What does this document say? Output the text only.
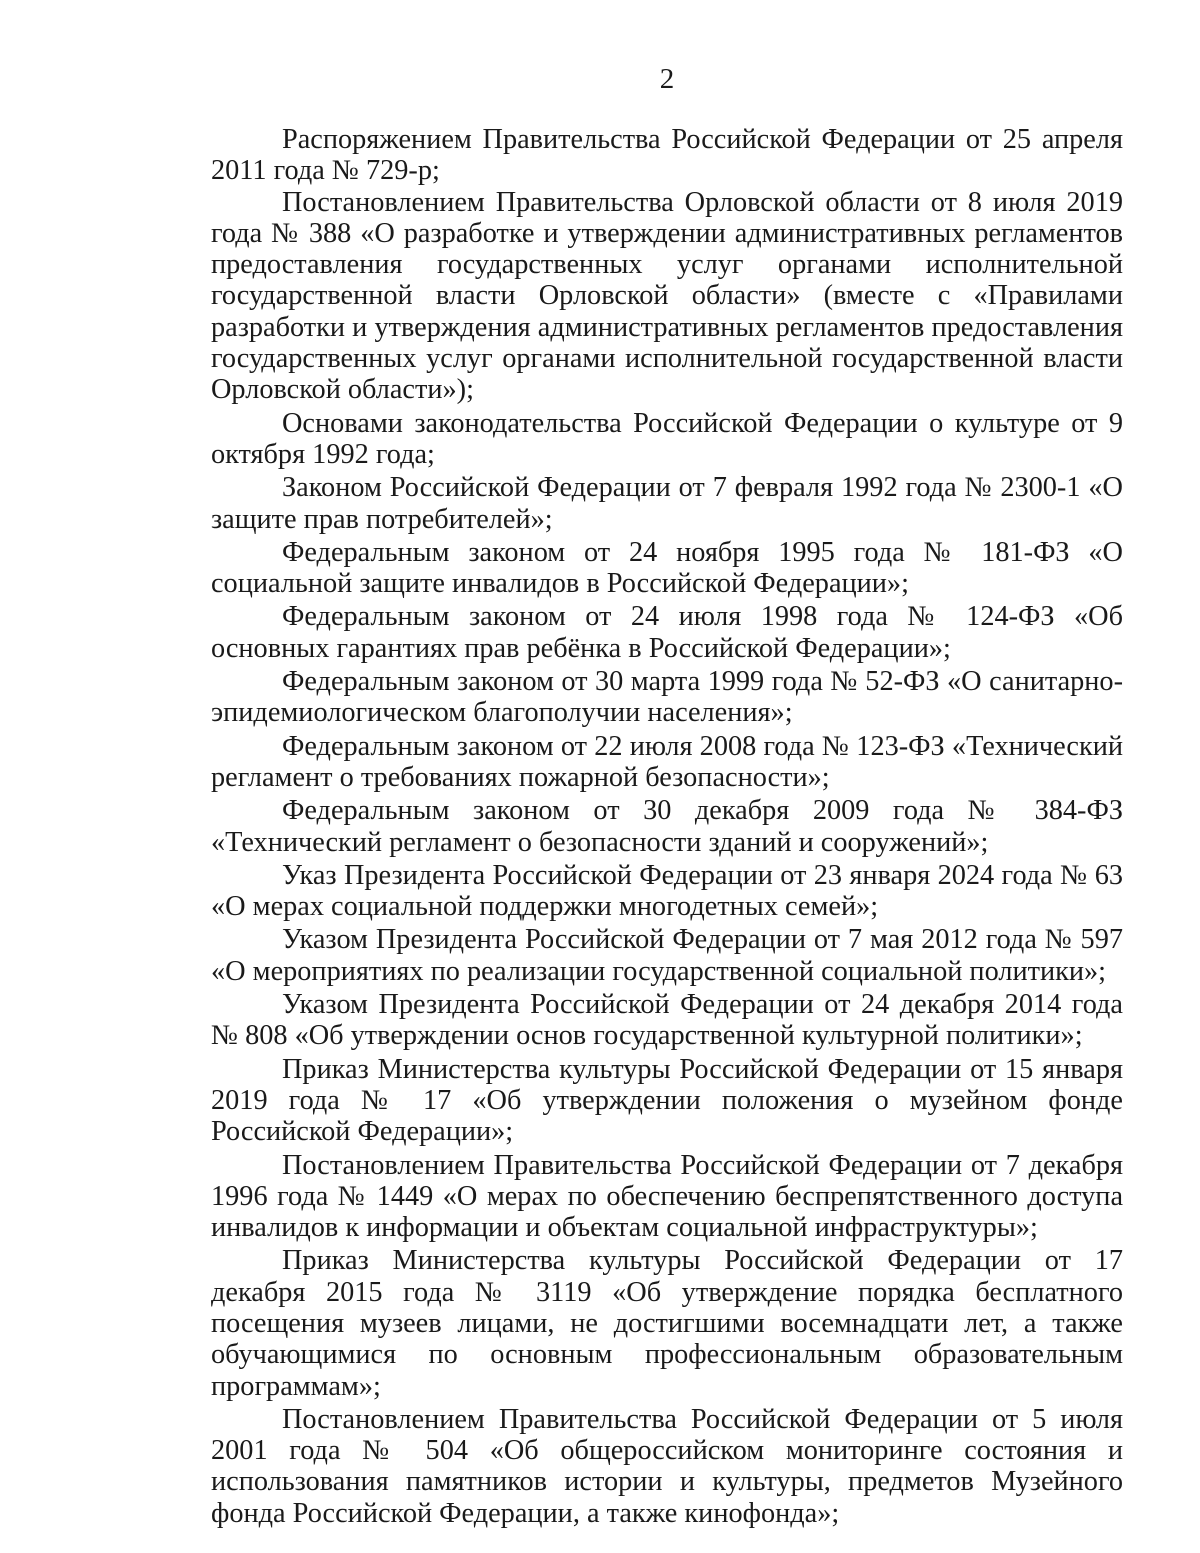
2

Распоряжением Правительства Российской Федерации от 25 апреля 2011 года № 729-р;

Постановлением Правительства Орловской области от 8 июля 2019 года № 388 «О разработке и утверждении административных регламентов предоставления государственных услуг органами исполнительной государственной власти Орловской области» (вместе с «Правилами разработки и утверждения административных регламентов предоставления государственных услуг органами исполнительной государственной власти Орловской области»);

Основами законодательства Российской Федерации о культуре от 9 октября 1992 года;

Законом Российской Федерации от 7 февраля 1992 года № 2300-1 «О защите прав потребителей»;

Федеральным законом от 24 ноября 1995 года № 181-ФЗ «О социальной защите инвалидов в Российской Федерации»;

Федеральным законом от 24 июля 1998 года № 124-ФЗ «Об основных гарантиях прав ребёнка в Российской Федерации»;

Федеральным законом от 30 марта 1999 года № 52-ФЗ «О санитарно-эпидемиологическом благополучии населения»;

Федеральным законом от 22 июля 2008 года № 123-ФЗ «Технический регламент о требованиях пожарной безопасности»;

Федеральным законом от 30 декабря 2009 года № 384-ФЗ «Технический регламент о безопасности зданий и сооружений»;

Указ Президента Российской Федерации от 23 января 2024 года № 63 «О мерах социальной поддержки многодетных семей»;

Указом Президента Российской Федерации от 7 мая 2012 года № 597 «О мероприятиях по реализации государственной социальной политики»;

Указом Президента Российской Федерации от 24 декабря 2014 года № 808 «Об утверждении основ государственной культурной политики»;

Приказ Министерства культуры Российской Федерации от 15 января 2019 года № 17 «Об утверждении положения о музейном фонде Российской Федерации»;

Постановлением Правительства Российской Федерации от 7 декабря 1996 года № 1449 «О мерах по обеспечению беспрепятственного доступа инвалидов к информации и объектам социальной инфраструктуры»;

Приказ Министерства культуры Российской Федерации от 17 декабря 2015 года № 3119 «Об утверждение порядка бесплатного посещения музеев лицами, не достигшими восемнадцати лет, а также обучающимися по основным профессиональным образовательным программам»;

Постановлением Правительства Российской Федерации от 5 июля 2001 года № 504 «Об общероссийском мониторинге состояния и использования памятников истории и культуры, предметов Музейного фонда Российской Федерации, а также кинофонда»;
